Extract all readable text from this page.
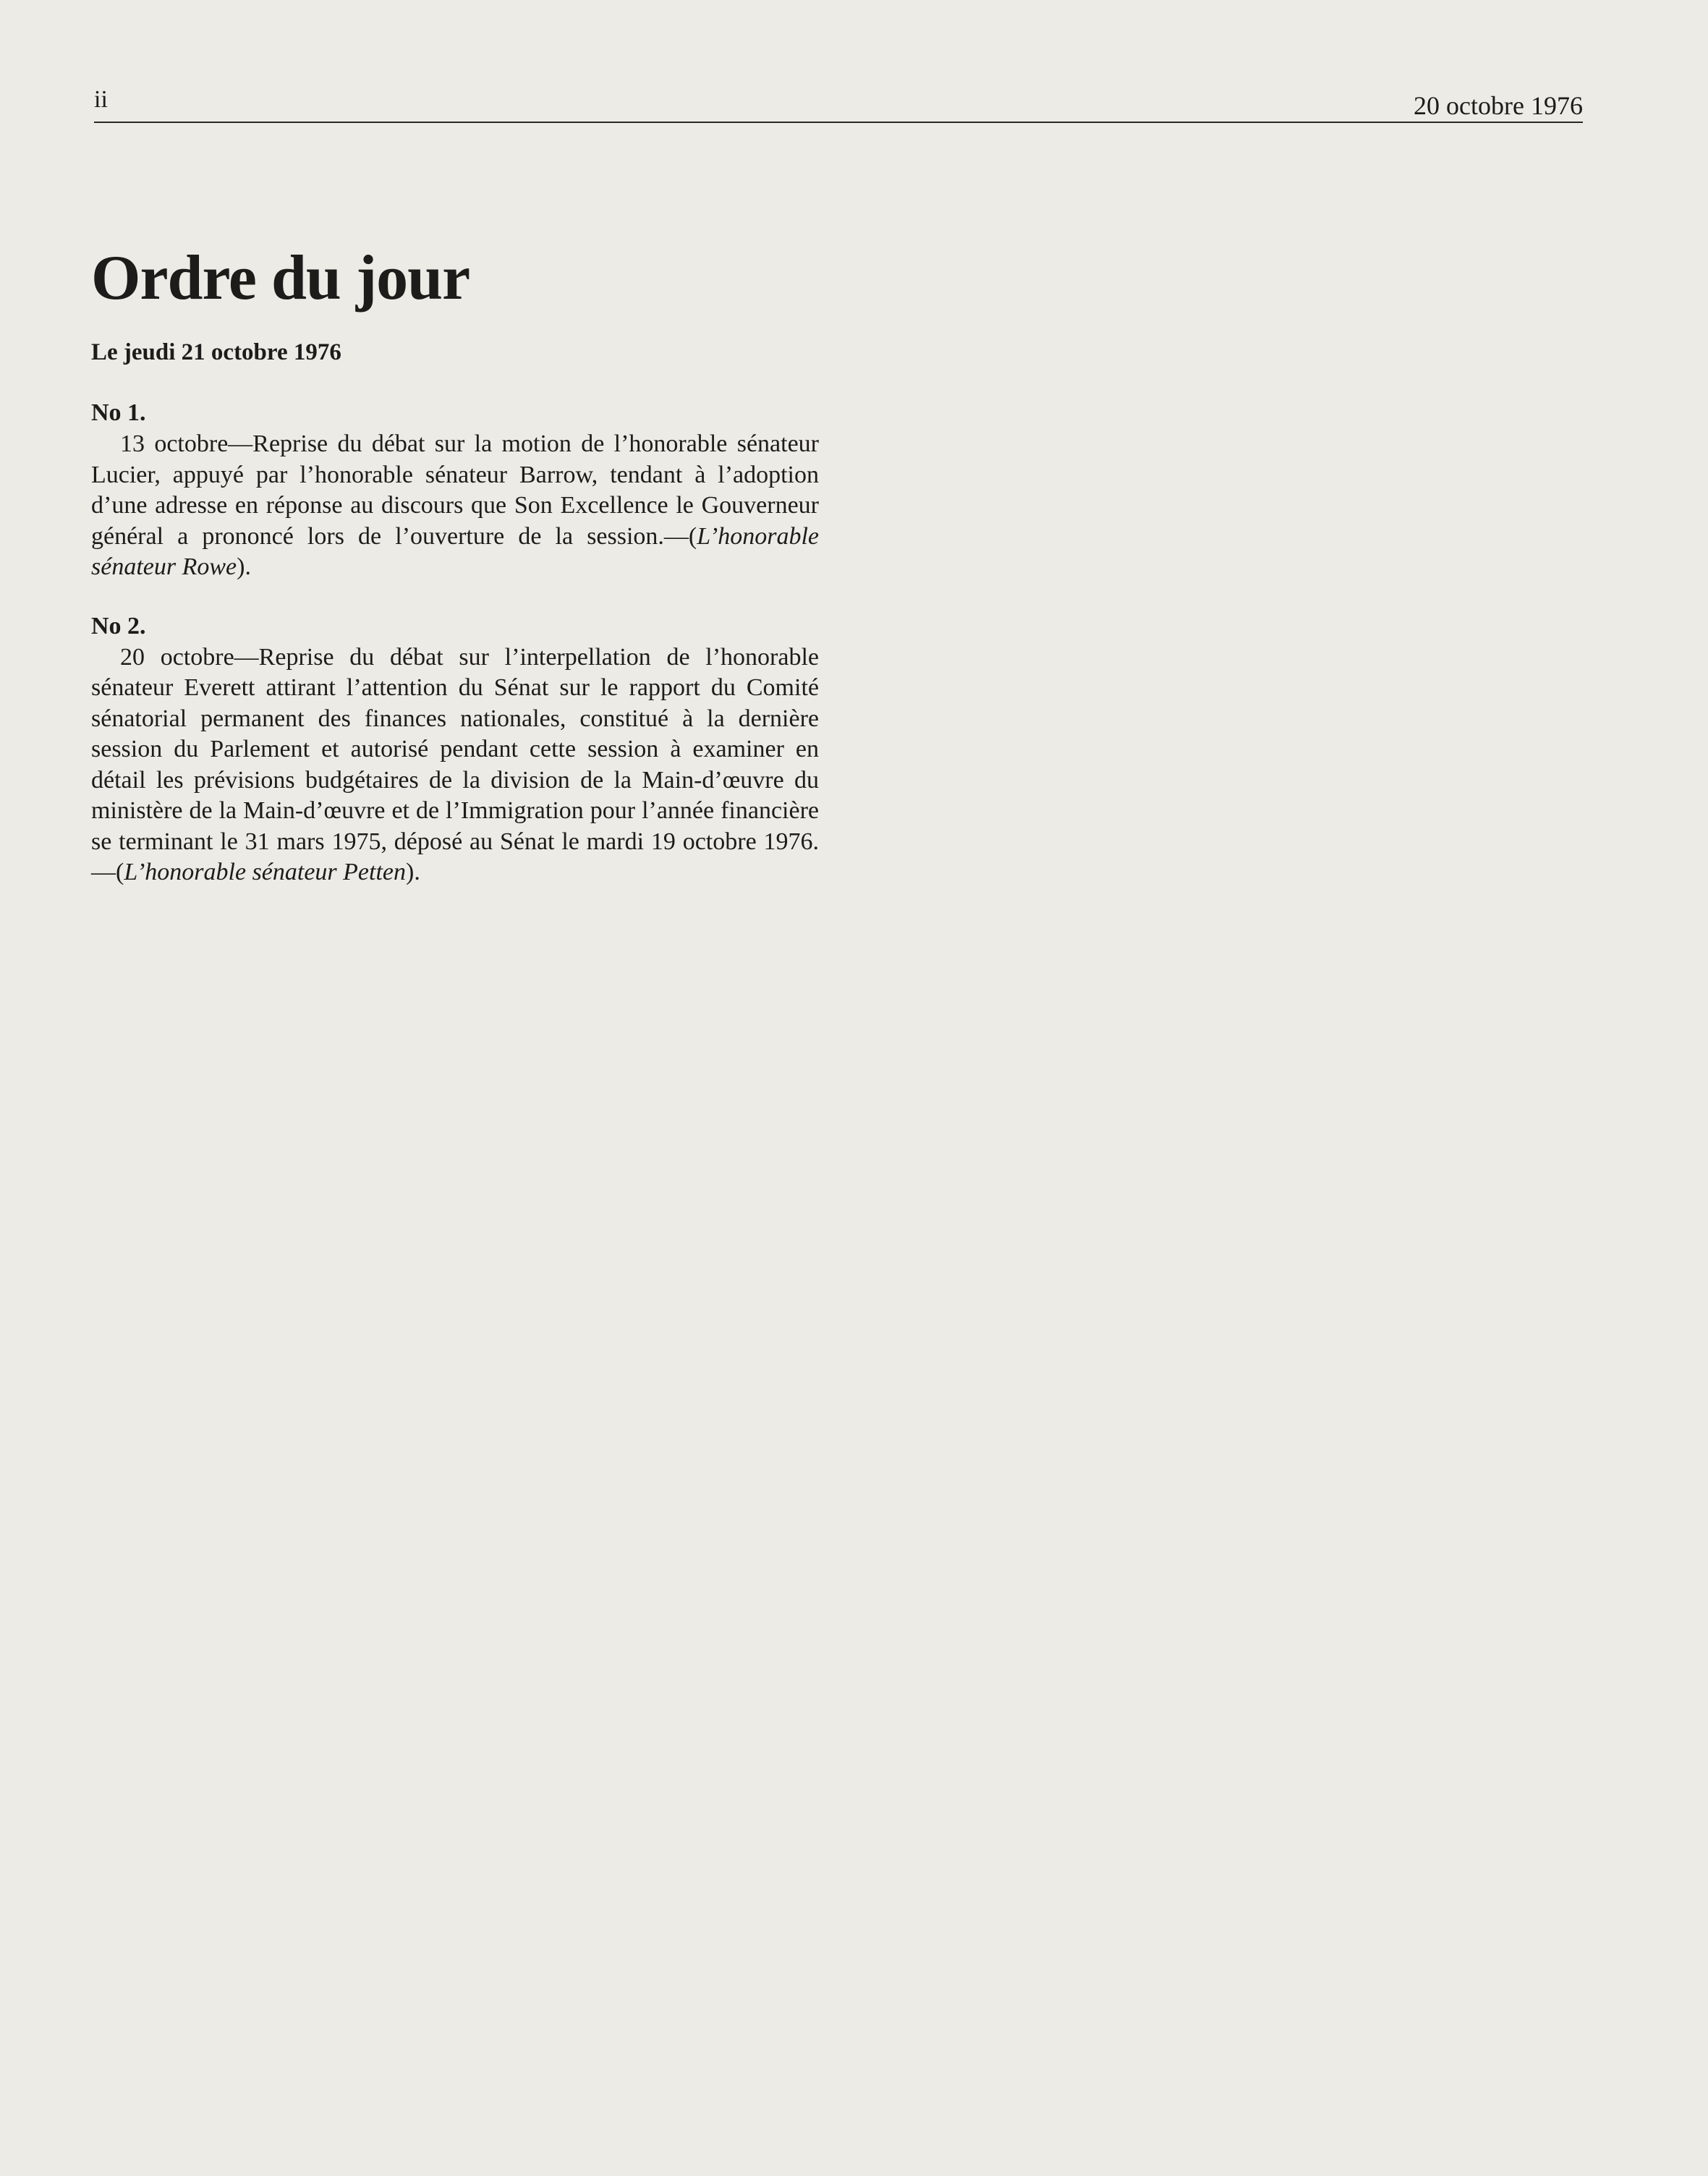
ii	20 octobre 1976
Ordre du jour

Le jeudi 21 octobre 1976

No 1.

13 octobre—Reprise du débat sur la motion de l’honorable sénateur Lucier, appuyé par l’honorable sénateur Barrow, tendant à l’adoption d’une adresse en réponse au discours que Son Excellence le Gouverneur général a prononcé lors de l’ouverture de la session.—(L’honorable sénateur Rowe).

No 2.

20 octobre—Reprise du débat sur l’interpellation de l’honorable sénateur Everett attirant l’attention du Sénat sur le rapport du Comité sénatorial permanent des finances nationales, constitué à la dernière session du Parlement et autorisé pendant cette session à examiner en détail les prévisions budgétaires de la division de la Main-d’œuvre du ministère de la Main-d’œuvre et de l’Immigration pour l’année financière se terminant le 31 mars 1975, déposé au Sénat le mardi 19 octobre 1976.—(L’honorable sénateur Petten).
